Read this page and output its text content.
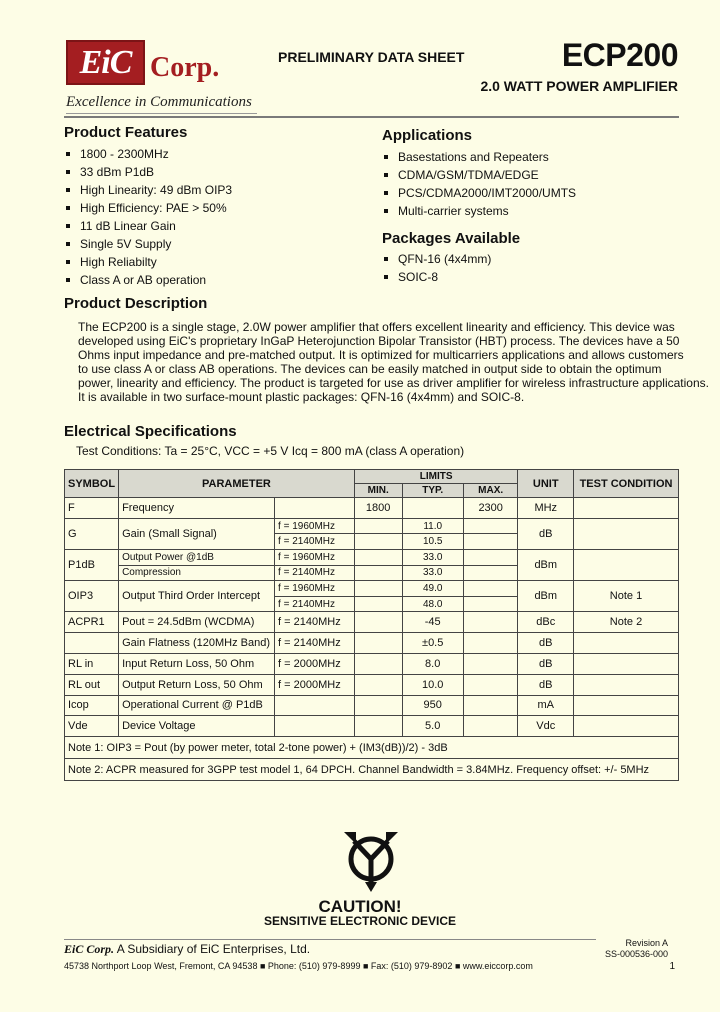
EiC Corp.
Excellence in Communications
PRELIMINARY DATA SHEET	ECP200
2.0 WATT POWER AMPLIFIER
Product Features
1800 - 2300MHz
33 dBm P1dB
High Linearity: 49 dBm OIP3
High Efficiency: PAE > 50%
11 dB Linear Gain
Single 5V Supply
High Reliabilty
Class A or AB operation
Applications
Basestations and Repeaters
CDMA/GSM/TDMA/EDGE
PCS/CDMA2000/IMT2000/UMTS
Multi-carrier systems
Packages Available
QFN-16 (4x4mm)
SOIC-8
Product Description

The ECP200 is a single stage, 2.0W power amplifier that offers excellent linearity and efficiency. This device was

developed using EiC's proprietary InGaP Heterojunction Bipolar Transistor (HBT) process. The devices have a 50

Ohms input impedance and pre-matched output. It is optimized for multicarriers applications and allows customers

to use class A or class AB operations. The devices can be easily matched in output side to obtain the optimum

power, linearity and efficiency. The product is targeted for use as driver amplifier for wireless infrastructure applications.

It is available in two surface-mount plastic packages: QFN-16 (4x4mm) and SOIC-8.

Electrical Specifications
Test Conditions: Ta = 25°C, VCC = +5 V Icq = 800 mA (class A operation)
SYMBOL	PARAMETER		LIMITS			UNIT	TEST CONDITION
			MIN.	TYP.	MAX.		
F	Frequency		1800		2300	MHz	
G	Gain (Small Signal)	f = 1960MHz		11.0		dB	
		f = 2140MHz		10.5			
P1dB	Output Power @1dB	f = 1960MHz		33.0		dBm	
	Compression	f = 2140MHz		33.0			
OIP3	Output Third Order Intercept	f = 1960MHz		49.0		dBm	Note 1
		f = 2140MHz		48.0			
ACPR1	Pout = 24.5dBm (WCDMA)	f = 2140MHz		-45		dBc	Note 2
	Gain Flatness (120MHz Band)	f = 2140MHz		±0.5		dB	
RL in	Input Return Loss, 50 Ohm	f = 2000MHz		8.0		dB	
RL out	Output Return Loss, 50 Ohm	f = 2000MHz		10.0		dB	
Icop	Operational Current @ P1dB			950		mA	
Vde	Device Voltage			5.0		Vdc	
Note 1: OIP3 = Pout (by power meter, total 2-tone power) + (IM3(dB))/2) - 3dB							
Note 2: ACPR measured for 3GPP test model 1, 64 DPCH. Channel Bandwidth = 3.84MHz. Frequency offset: +/- 5MHz							
CAUTION!
SENSITIVE ELECTRONIC DEVICE
EiC Corp. A Subsidiary of EiC Enterprises, Ltd.
45738 Northport Loop West, Fremont, CA 94538 ■ Phone: (510) 979-8999 ■ Fax: (510) 979-8902 ■ www.eiccorp.com
Revision A
SS-000536-000
1
